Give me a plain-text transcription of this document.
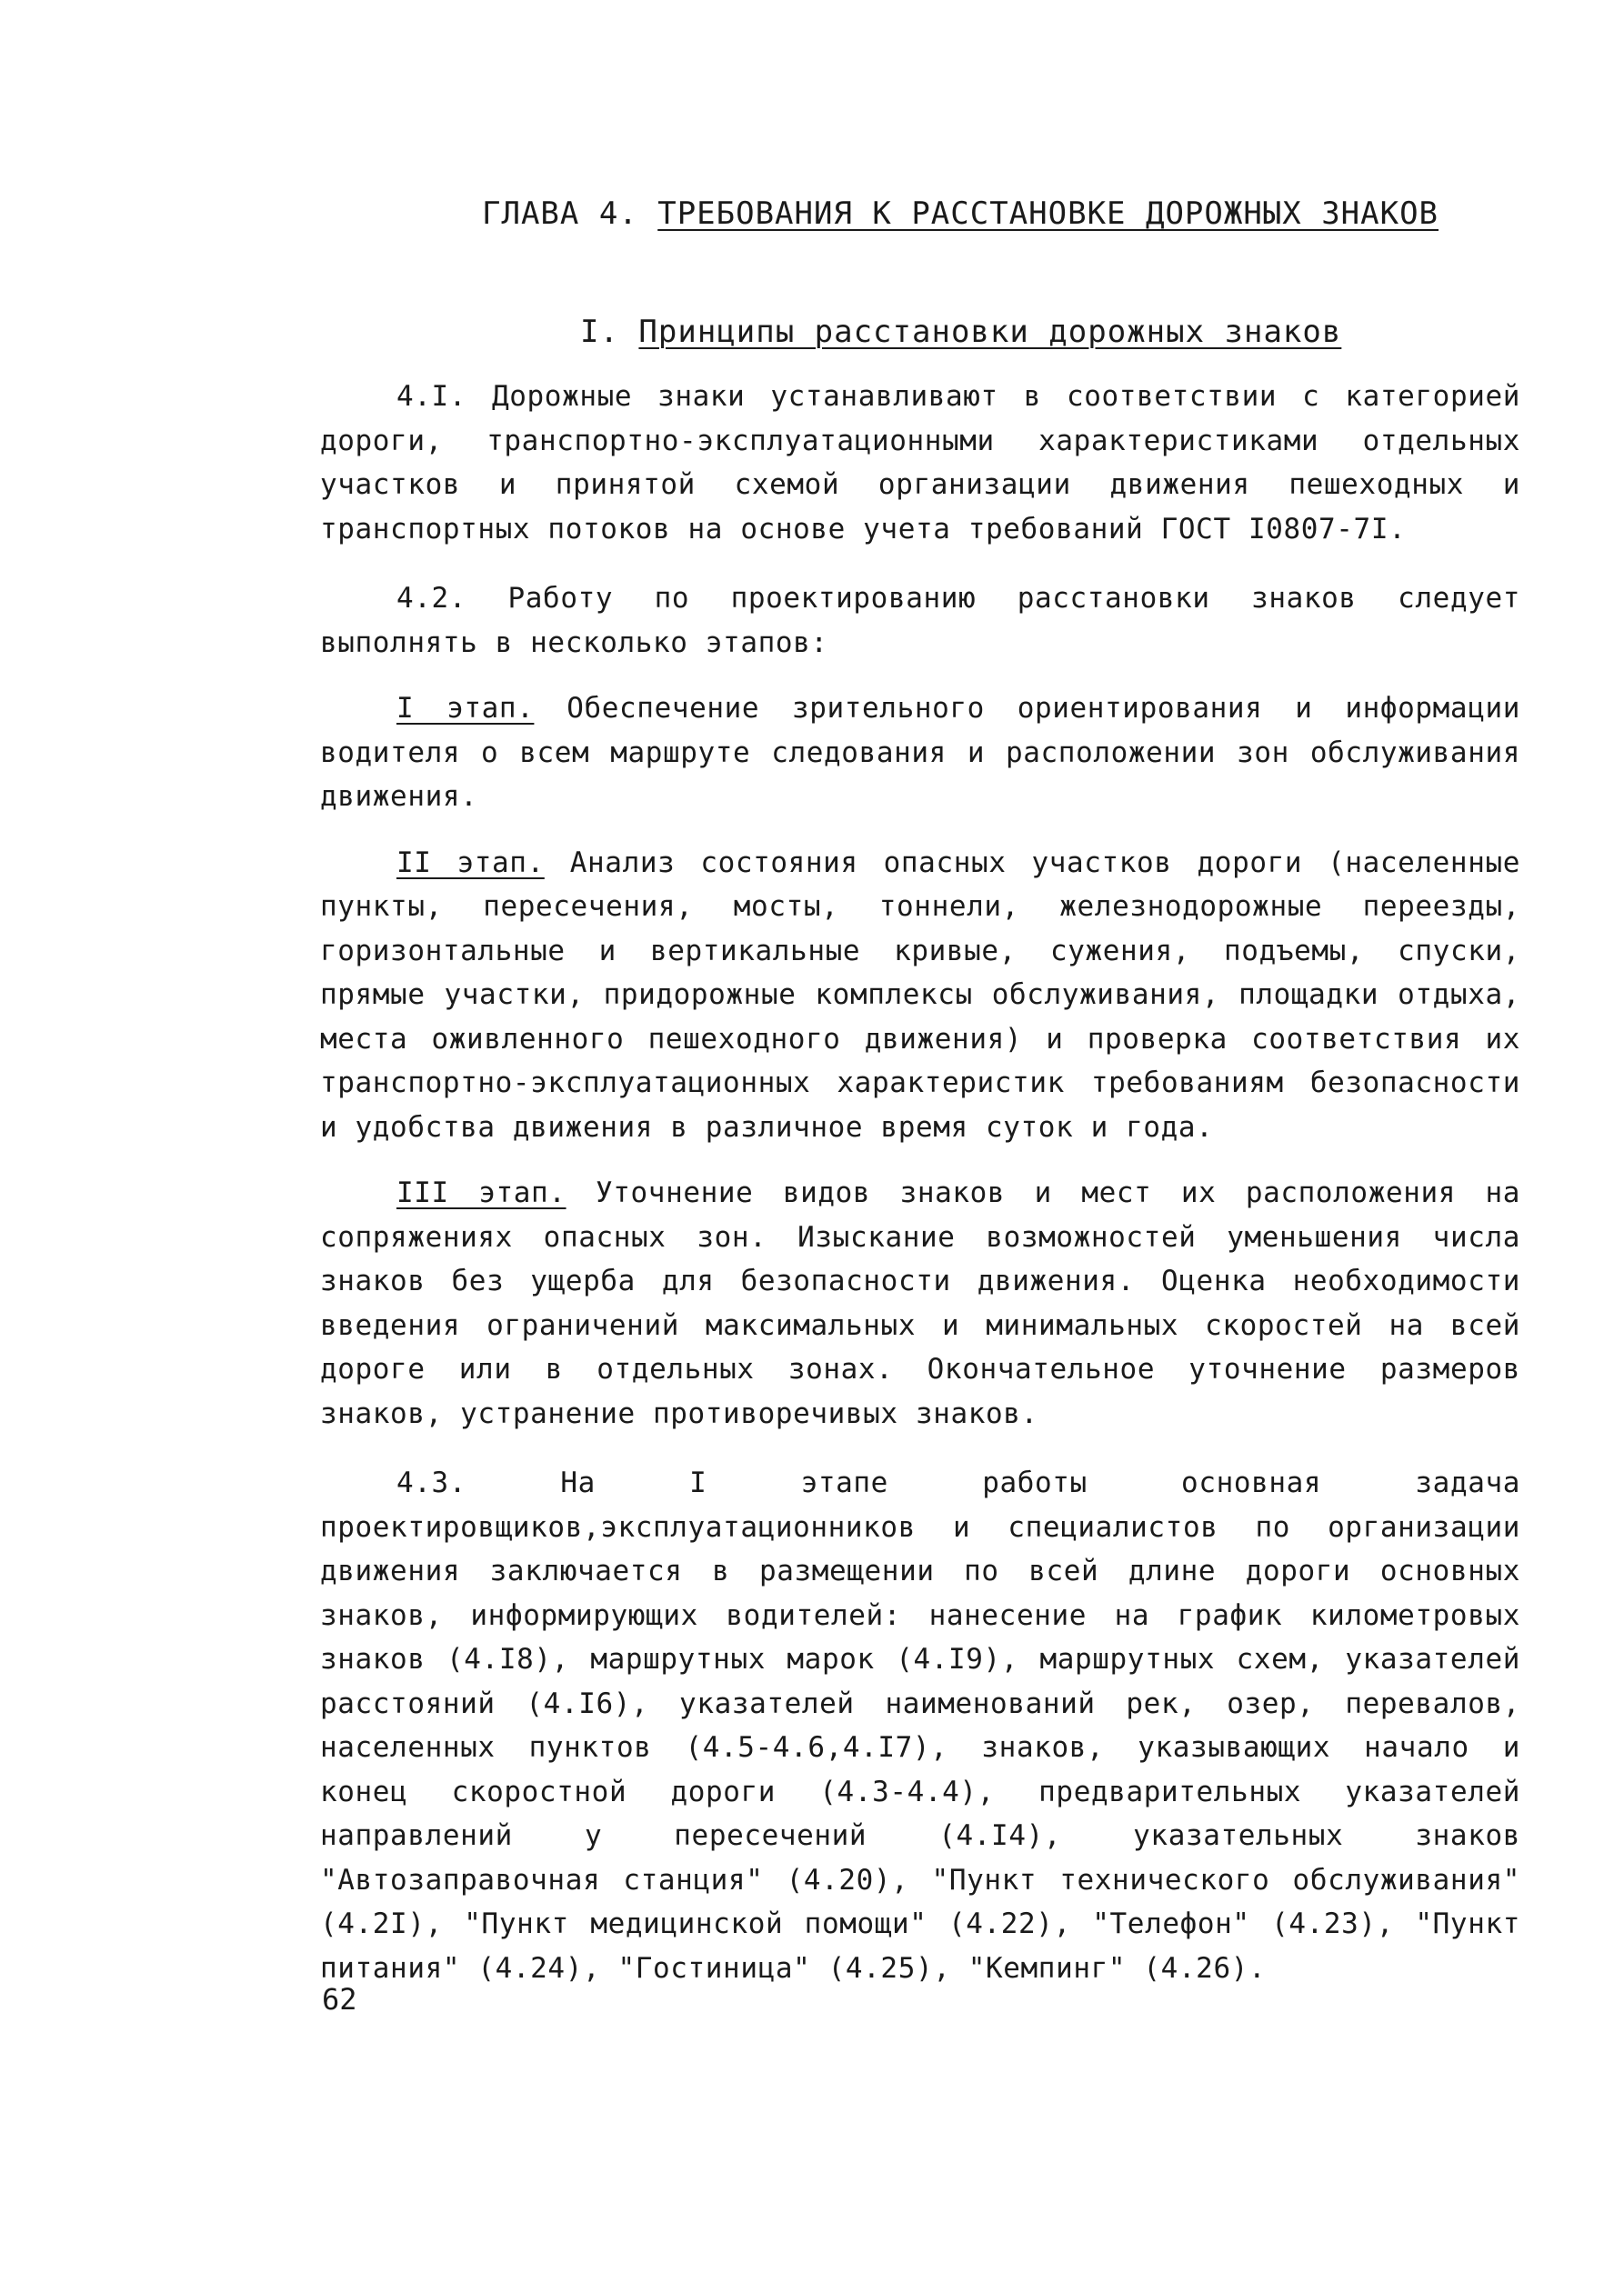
ГЛАВА 4. ТРЕБОВАНИЯ К РАССТАНОВКЕ ДОРОЖНЫХ ЗНАКОВ
I. Принципы расстановки дорожных знаков

4.I. Дорожные знаки устанавливают в соответствии с категорией дороги, транспортно-эксплуатационными характеристиками отдельных участков и принятой схемой организации движения пешеходных и транспортных потоков на основе учета требований ГОСТ I0807-7I.

4.2. Работу по проектированию расстановки знаков следует выполнять в несколько этапов:

I этап. Обеспечение зрительного ориентирования и информации водителя о всем маршруте следования и расположении зон обслуживания движения.

II этап. Анализ состояния опасных участков дороги (населенные пункты, пересечения, мосты, тоннели, железнодорожные переезды, горизонтальные и вертикальные кривые, сужения, подъемы, спуски, прямые участки, придорожные комплексы обслуживания, площадки отдыха, места оживленного пешеходного движения) и проверка соответствия их транспортно-эксплуатационных характеристик требованиям безопасности и удобства движения в различное время суток и года.

III этап. Уточнение видов знаков и мест их расположения на сопряжениях опасных зон. Изыскание возможностей уменьшения числа знаков без ущерба для безопасности движения. Оценка необходимости введения ограничений максимальных и минимальных скоростей на всей дороге или в отдельных зонах. Окончательное уточнение размеров знаков, устранение противоречивых знаков.

4.3. На I этапе работы основная задача проектировщиков,эксплуатационников и специалистов по организации движения заключается в размещении по всей длине дороги основных знаков, информирующих водителей: нанесение на график километровых знаков (4.I8), маршрутных марок (4.I9), маршрутных схем, указателей расстояний (4.I6), указателей наименований рек, озер, перевалов, населенных пунктов (4.5-4.6,4.I7), знаков, указывающих начало и конец скоростной дороги (4.3-4.4), предварительных указателей направлений у пересечений (4.I4), указательных знаков "Автозаправочная станция" (4.20), "Пункт технического обслуживания" (4.2I), "Пункт медицинской помощи" (4.22), "Телефон" (4.23), "Пункт питания" (4.24), "Гостиница" (4.25), "Кемпинг" (4.26).

62
